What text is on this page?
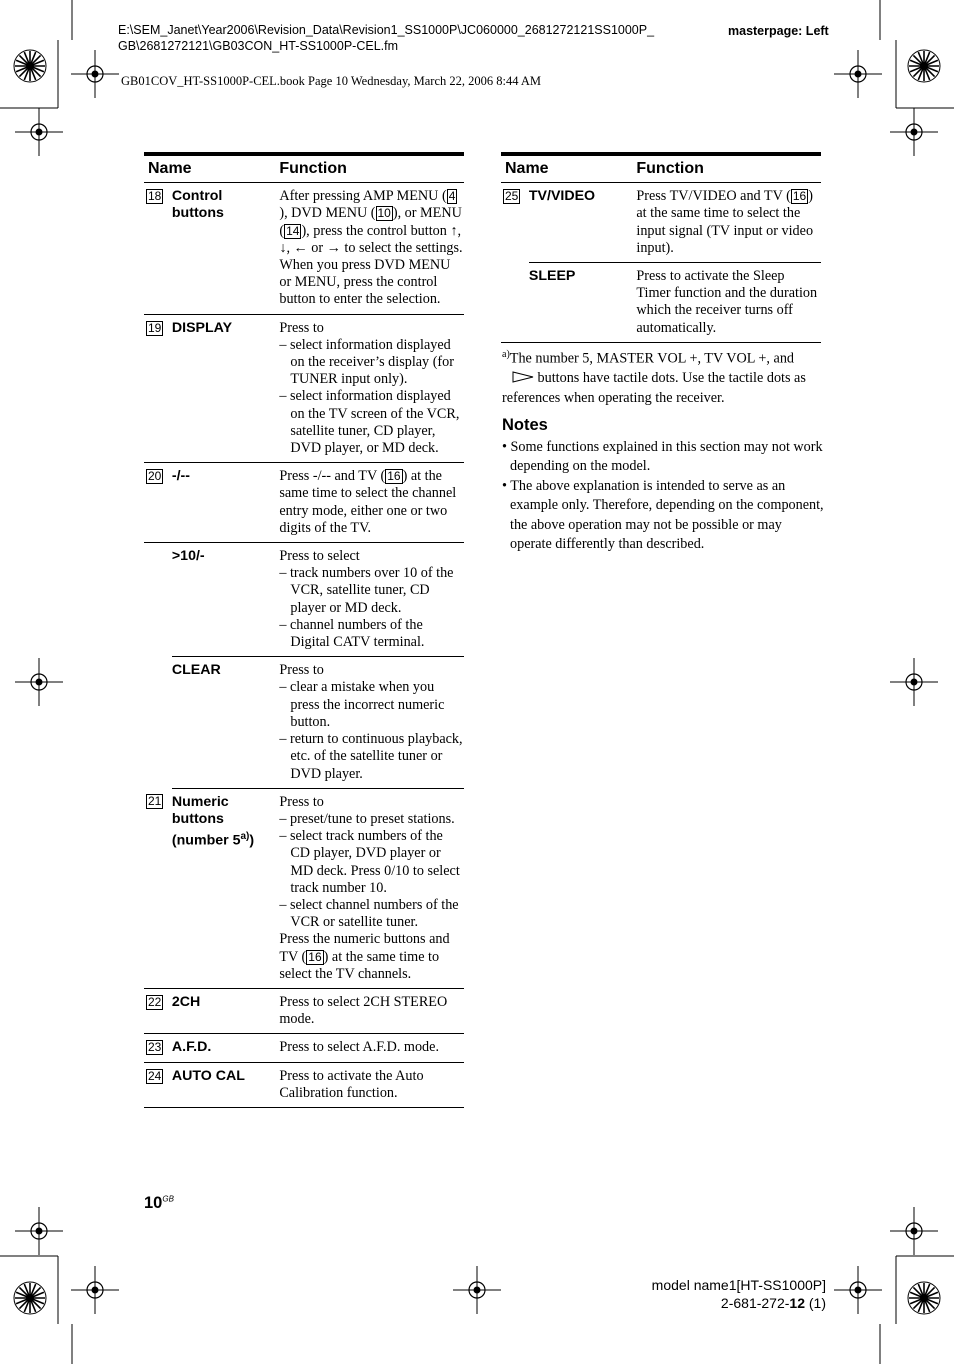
E:\SEM_Janet\Year2006\Revision_Data\Revision1_SS1000P\JC060000_2681272121SS1000P_
GB\2681272121\GB03CON_HT-SS1000P-CEL.fm
masterpage: Left
GB01COV_HT-SS1000P-CEL.book Page 10 Wednesday, March 22, 2006 8:44 AM
Name		Function
18	Control buttons	After pressing AMP MENU ( 4), DVD MENU ( 10 ), or MENU ( 14 ), press the control button ↑, ↓, ← or → to select the settings. When you press DVD MENU or MENU, press the control button to enter the selection.
19	DISPLAY	Press to
– select information displayed on the receiver’s display (for TUNER input only).
– select information displayed on the TV screen of the VCR, satellite tuner, CD player, DVD player, or MD deck.

20	-/--	Press -/-- and TV ( 16 ) at the same time to select the channel entry mode, either one or two digits of the TV.
	>10/-	Press to select
– track numbers over 10 of the VCR, satellite tuner, CD player or MD deck.
– channel numbers of the Digital CATV terminal.

	CLEAR	Press to
– clear a mistake when you press the incorrect numeric button.
– return to continuous playback, etc. of the satellite tuner or DVD player.

21	Numeric buttons (number 5$^{a)}$)	Press to
– preset/tune to preset stations.
– select track numbers of the CD player, DVD player or MD deck. Press 0/10 to select track number 10.
– select channel numbers of the VCR or satellite tuner.
Press the numeric buttons and TV ( 16 ) at the same time to select the TV channels.

22	2CH	Press to select 2CH STEREO mode.
23	A.F.D.	Press to select A.F.D. mode.
24	AUTO CAL	Press to activate the Auto Calibration function.
Name		Function
25	TV/VIDEO	Press TV/VIDEO and TV ( 16 ) at the same time to select the input signal (TV input or video input).
	SLEEP	Press to activate the Sleep Timer function and the duration which the receiver turns off automatically.
$^{a)}$The number 5, MASTER VOL +, TV VOL +, and
buttons have tactile dots. Use the tactile dots as references when operating the receiver.
Notes
• Some functions explained in this section may not work depending on the model.
• The above explanation is intended to serve as an example only. Therefore, depending on the component, the above operation may not be possible or may operate differently than described.
$10^{GB}$
model name1[HT-SS1000P]
2-681-272-12 (1)
